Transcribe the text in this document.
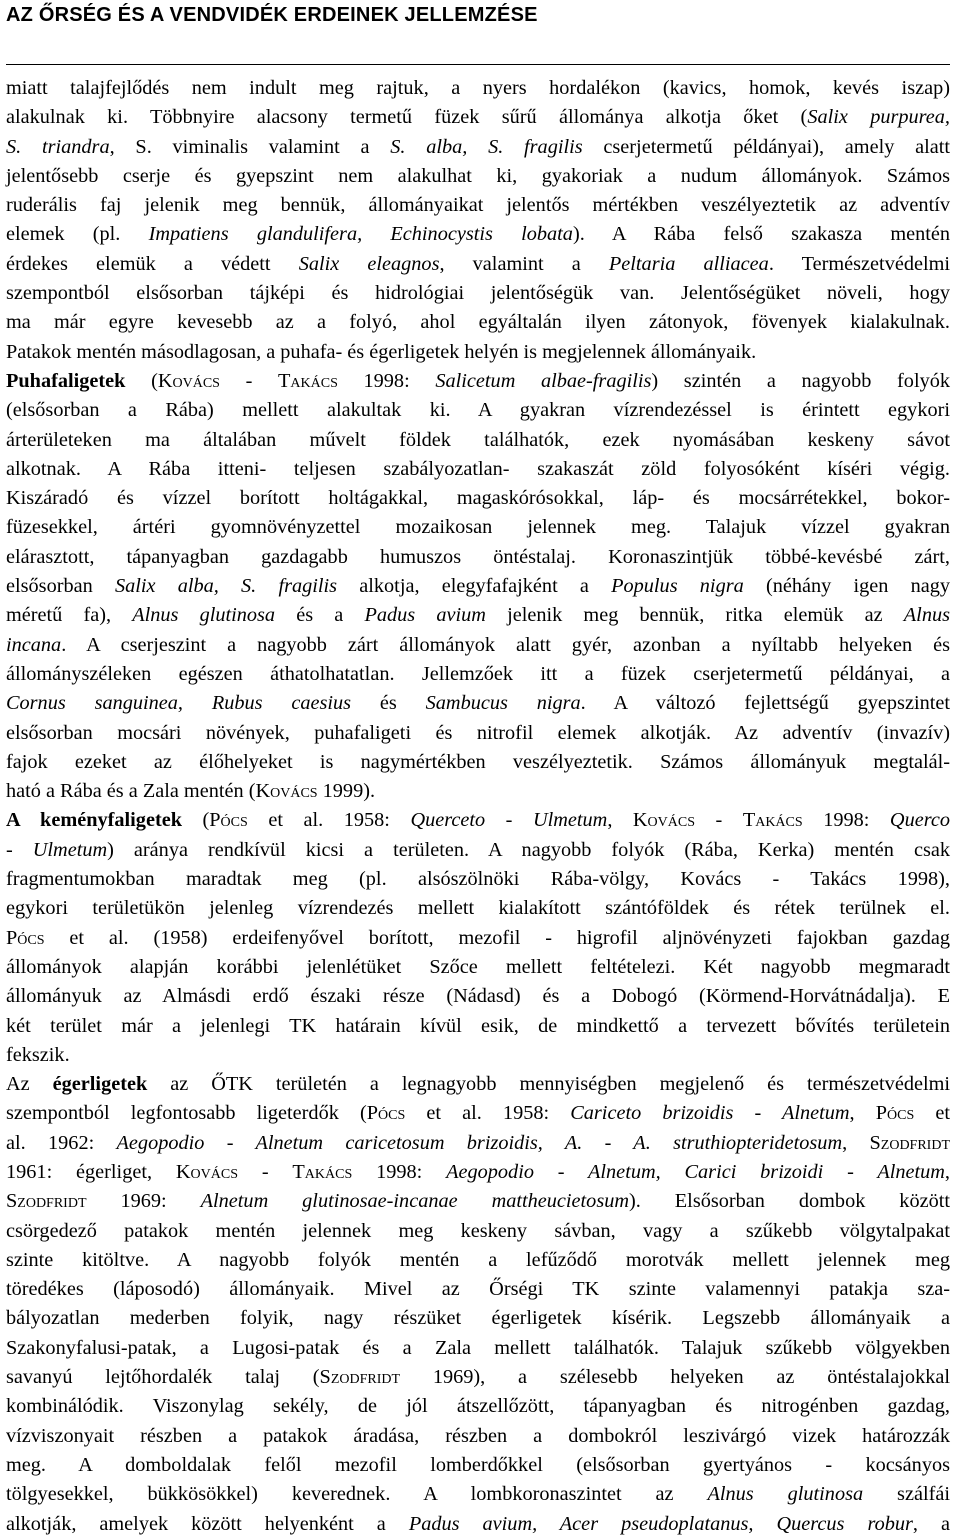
AZ ŐRSÉG ÉS A VENDVIDÉK ERDEINEK JELLEMZÉSE
miatt talajfejlődés nem indult meg rajtuk, a nyers hordalékon (kavics, homok, kevés iszap)
alakulnak ki. Többnyire alacsony termetű füzek sűrű állománya alkotja őket (Salix purpurea,
S. triandra, S. viminalis valamint a S. alba, S. fragilis cserjetermetű példányai), amely alatt
jelentősebb cserje és gyepszint nem alakulhat ki, gyakoriak a nudum állományok. Számos
ruderális faj jelenik meg bennük, állományaikat jelentős mértékben veszélyeztetik az adventív
elemek (pl. Impatiens glandulifera, Echinocystis lobata). A Rába felső szakasza mentén
érdekes elemük a védett Salix eleagnos, valamint a Peltaria alliacea. Természetvédelmi
szempontból elsősorban tájképi és hidrológiai jelentőségük van. Jelentőségüket növeli, hogy
ma már egyre kevesebb az a folyó, ahol egyáltalán ilyen zátonyok, fövenyek kialakulnak.
Patakok mentén másodlagosan, a puhafa- és égerligetek helyén is megjelennek állományaik.
Puhafaligetek (Kovács - Takács 1998: Salicetum albae-fragilis) szintén a nagyobb folyók
(elsősorban a Rába) mellett alakultak ki. A gyakran vízrendezéssel is érintett egykori
árterületeken ma általában művelt földek találhatók, ezek nyomásában keskeny sávot
alkotnak. A Rába itteni- teljesen szabályozatlan- szakaszát zöld folyosóként kíséri végig.
Kiszáradó és vízzel borított holtágakkal, magaskórósokkal, láp- és mocsárrétekkel, bokor-
füzesekkel, ártéri gyomnövényzettel mozaikosan jelennek meg. Talajuk vízzel gyakran
elárasztott, tápanyagban gazdagabb humuszos öntéstalaj. Koronaszintjük többé-kevésbé zárt,
elsősorban Salix alba, S. fragilis alkotja, elegyfafajként a Populus nigra (néhány igen nagy
méretű fa), Alnus glutinosa és a Padus avium jelenik meg bennük, ritka elemük az Alnus
incana. A cserjeszint a nagyobb zárt állományok alatt gyér, azonban a nyíltabb helyeken és
állományszéleken egészen áthatolhatatlan. Jellemzőek itt a füzek cserjetermetű példányai, a
Cornus sanguinea, Rubus caesius és Sambucus nigra. A változó fejlettségű gyepszintet
elsősorban mocsári növények, puhafaligeti és nitrofil elemek alkotják. Az adventív (invazív)
fajok ezeket az élőhelyeket is nagymértékben veszélyeztetik. Számos állományuk megtalál-
ható a Rába és a Zala mentén (Kovács 1999).
A keményfaligetek (Pócs et al. 1958: Querceto - Ulmetum, Kovács - Takács 1998: Querco
- Ulmetum) aránya rendkívül kicsi a területen. A nagyobb folyók (Rába, Kerka) mentén csak
fragmentumokban maradtak meg (pl. alsószölnöki Rába-völgy, Kovács - Takács 1998),
egykori területükön jelenleg vízrendezés mellett kialakított szántóföldek és rétek terülnek el.
Pócs et al. (1958) erdeifenyővel borított, mezofil - higrofil aljnövényzeti fajokban gazdag
állományok alapján korábbi jelenlétüket Szőce mellett feltételezi. Két nagyobb megmaradt
állományuk az Almásdi erdő északi része (Nádasd) és a Dobogó (Körmend-Horvátnádalja). E
két terület már a jelenlegi TK határain kívül esik, de mindkettő a tervezett bővítés területein
fekszik.
Az égerligetek az ŐTK területén a legnagyobb mennyiségben megjelenő és természetvédelmi
szempontból legfontosabb ligeterdők (Pócs et al. 1958: Cariceto brizoidis - Alnetum, Pócs et
al. 1962: Aegopodio - Alnetum caricetosum brizoidis, A. - A. struthiopteridetosum, Szodfridt
1961: égerliget, Kovács - Takács 1998: Aegopodio - Alnetum, Carici brizoidi - Alnetum,
Szodfridt 1969: Alnetum glutinosae-incanae mattheucietosum). Elsősorban dombok között
csörgedező patakok mentén jelennek meg keskeny sávban, vagy a szűkebb völgytalpakat
szinte kitöltve. A nagyobb folyók mentén a lefűződő morotvák mellett jelennek meg
töredékes (láposodó) állományaik. Mivel az Őrségi TK szinte valamennyi patakja sza-
bályozatlan mederben folyik, nagy részüket égerligetek kísérik. Legszebb állományaik a
Szakonyfalusi-patak, a Lugosi-patak és a Zala mellett találhatók. Talajuk szűkebb völgyekben
savanyú lejtőhordalék talaj (Szodfridt 1969), a szélesebb helyeken az öntéstalajokkal
kombinálódik. Viszonylag sekély, de jól átszellőzött, tápanyagban és nitrogénben gazdag,
vízviszonyait részben a patakok áradása, részben a dombokról leszivárgó vizek határozzák
meg. A domboldalak felől mezofil lomberdőkkel (elsősorban gyertyános - kocsányos
tölgyesekkel, bükkösökkel) keverednek. A lombkoronaszintet az Alnus glutinosa szálfái
alkotják, amelyek között helyenként a Padus avium, Acer pseudoplatanus, Quercus robur, a
